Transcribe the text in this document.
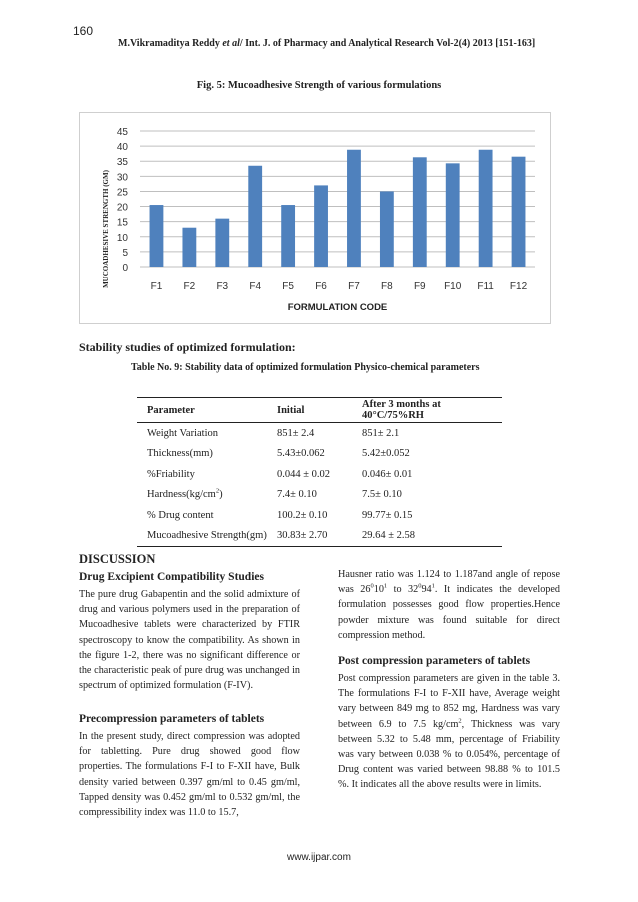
160
M.Vikramaditya Reddy et al/ Int. J. of Pharmacy and Analytical Research Vol-2(4) 2013 [151-163]
Fig. 5: Mucoadhesive Strength of various formulations
0
5
10
15
20
25
30
35
40
45
F1 F2 F3 F4 F5 F6 F7 F8 F9 F10 F11 F12
FORMULATION CODE
MUCOADHESIVE STRENGTH (GM)
Stability studies of optimized formulation:
Table No. 9: Stability data of optimized formulation Physico-chemical parameters
Parameter	Initial	After 3 months at 40°C/75%RH
Weight Variation	851± 2.4	851± 2.1
Thickness(mm)	5.43±0.062	5.42±0.052
%Friability	0.044 ± 0.02	0.046± 0.01
$Hardness(kg/cm^2)$	7.4± 0.10	7.5± 0.10
% Drug content	100.2± 0.10	99.77± 0.15
Mucoadhesive Strength(gm)	30.83± 2.70	29.64 ± 2.58
DISCUSSION
Drug Excipient Compatibility Studies
The pure drug Gabapentin and the solid admixture of drug and various polymers used in the preparation of Mucoadhesive tablets were characterized by FTIR spectroscopy to know the compatibility. As shown in the figure 1-2, there was no significant difference or the characteristic peak of pure drug was unchanged in spectrum of optimized formulation (F-IV).
Precompression parameters of tablets
In the present study, direct compression was adopted for tabletting. Pure drug showed good flow properties. The formulations F-I to F-XII have, Bulk density varied between 0.397 gm/ml to 0.45 gm/ml, Tapped density was 0.452 gm/ml to 0.532 gm/ml, the compressibility index was 11.0 to 15.7,
Hausner ratio was 1.124 to 1.187and angle of repose was $26^010^1$ to $32^094^1$. It indicates the developed formulation possesses good flow properties.Hence powder mixture was found suitable for direct compression method.
Post compression parameters of tablets
Post compression parameters are given in the table 3. The formulations F-I to F-XII have, Average weight vary between 849 mg to 852 mg, Hardness was vary between 6.9 to 7.5 $kg/cm^2$, Thickness was vary between 5.32 to 5.48 mm, percentage of Friability was vary between 0.038 % to 0.054%, percentage of Drug content was varied between 98.88 % to 101.5 %. It indicates all the above results were in limits.
www.ijpar.com
